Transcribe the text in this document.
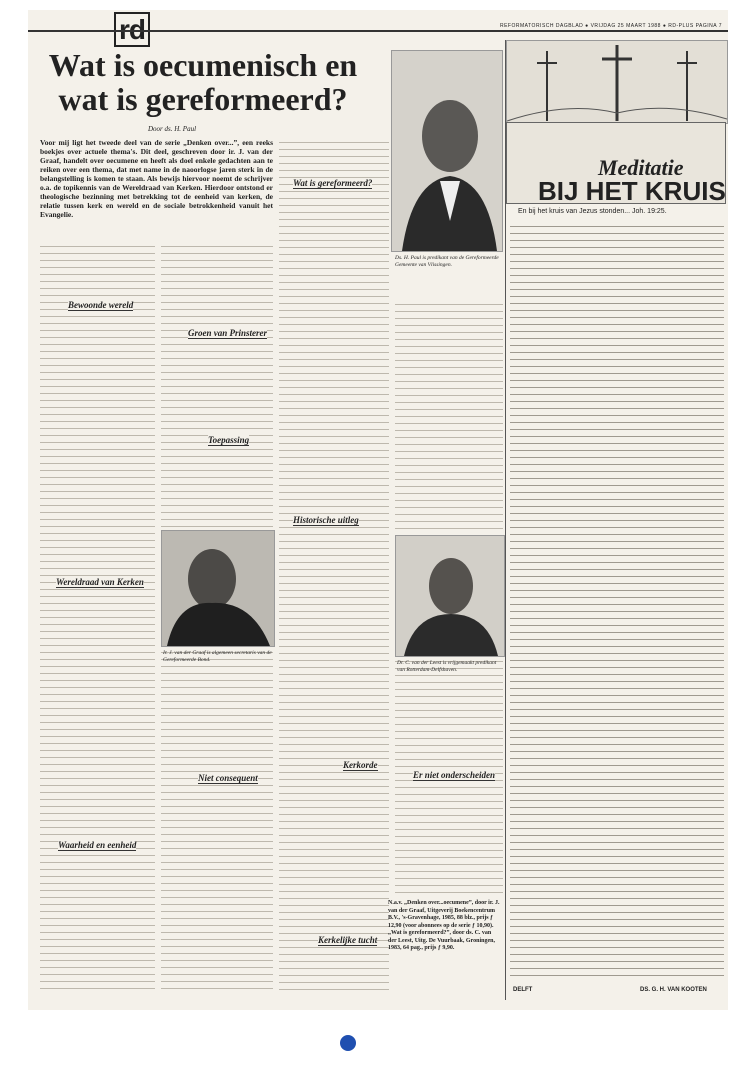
rd	REFORMATORISCH DAGBLAD ● VRIJDAG 25 MAART 1988 ● RD-PLUS PAGINA 7
Wat is oecumenisch en wat is gereformeerd?
Door ds. H. Paul
Voor mij ligt het tweede deel van de serie „Denken over...”, een reeks boekjes over actuele thema's. Dit deel, geschreven door ir. J. van der Graaf, handelt over oecumene en heeft als doel enkele gedachten aan te reiken over een thema, dat met name in de naoorlogse jaren sterk in de belangstelling is komen te staan. Als bewijs hiervoor noemt de schrijver o.a. de topikennis van de Wereldraad van Kerken. Hierdoor ontstond er theologische bezinning met betrekking tot de eenheid van kerken, de relatie tussen kerk en wereld en de sociale betrokkenheid vanuit het Evangelie.
Bewoonde wereld
Wereldraad van Kerken
Waarheid en eenheid
Groen van Prinsterer
Toepassing
Niet consequent
Wat is gereformeerd?
Historische uitleg
Kerkorde
Kerkelijke tucht
Er niet onderscheiden
Ds. H. Paul is predikant van de Gereformeerde Gemeente van Vlissingen.
Ir. J. van der Graaf is algemeen secretaris van de Gereformeerde Bond.	Dr. C. van der Leest is vrijgemaakt predikant van Rotterdam-Delfshaven.
N.a.v. „Denken over...oecumene”, door ir. J. van der Graaf, Uitgeverij Boekencentrum B.V., 's-Gravenhage, 1985, 88 blz., prijs ƒ 12,90 (voor abonnees op de serie ƒ 10,90). „Wat is gereformeerd?”, door ds. C. van der Leest, Uitg. De Vuurbaak, Groningen, 1983, 64 pag., prijs ƒ 9,90.
Meditatie
BIJ HET KRUIS
En bij het kruis van Jezus stonden... Joh. 19:25.
DELFT	DS. G. H. VAN KOOTEN
